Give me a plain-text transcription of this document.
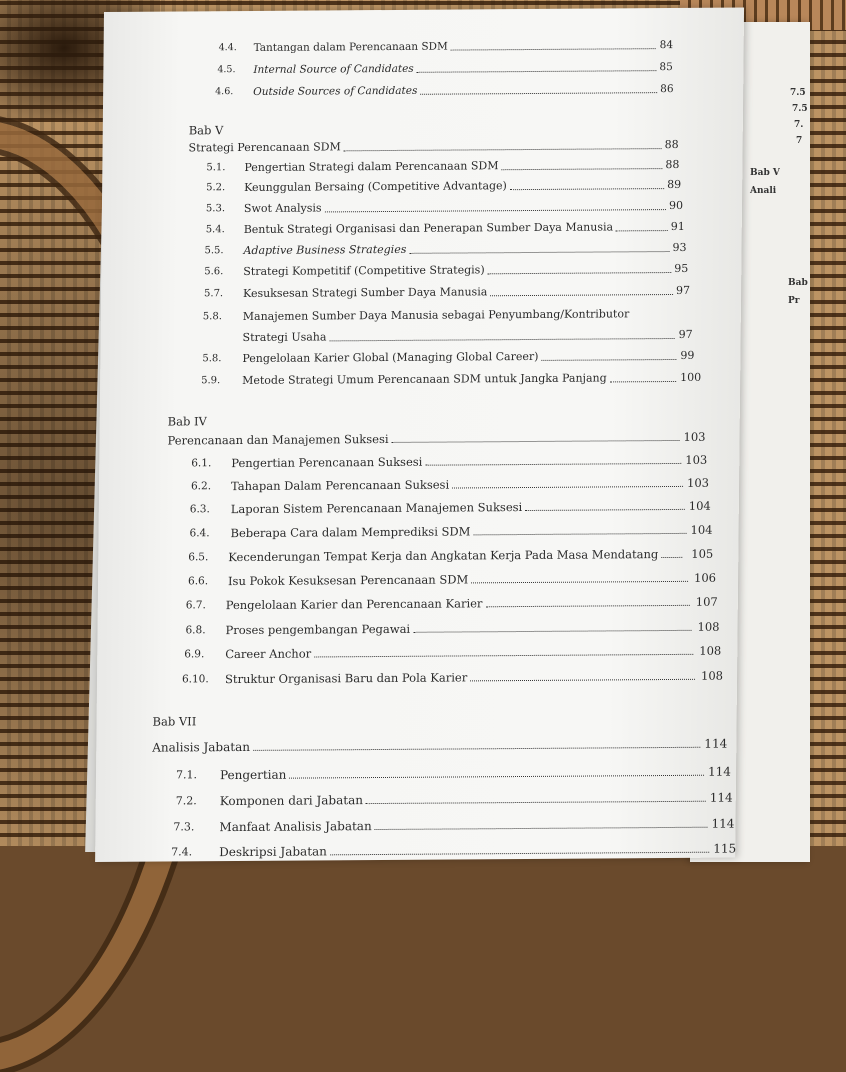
7.5
7.5
7.
7
Bab V
Anali
Bab
Pr
4.4. Tantangan dalam Perencanaan SDM	84
4.5. Internal Source of Candidates	85
4.6. Outside Sources of Candidates	86
Bab V
Strategi Perencanaan SDM	88
5.1. Pengertian Strategi dalam Perencanaan SDM	88
5.2. Keunggulan Bersaing (Competitive Advantage)	89
5.3. Swot Analysis	90
5.4. Bentuk Strategi Organisasi dan Penerapan Sumber Daya Manusia	91
5.5. Adaptive Business Strategies	93
5.6. Strategi Kompetitif (Competitive Strategis)	95
5.7. Kesuksesan Strategi Sumber Daya Manusia	97
5.8. Manajemen Sumber Daya Manusia sebagai Penyumbang/Kontributor
Strategi Usaha	97
5.8. Pengelolaan Karier Global (Managing Global Career)	99
5.9. Metode Strategi Umum Perencanaan SDM untuk Jangka Panjang	100
Bab IV
Perencanaan dan Manajemen Suksesi	103
6.1. Pengertian Perencanaan Suksesi	103
6.2. Tahapan Dalam Perencanaan Suksesi	103
6.3. Laporan Sistem Perencanaan Manajemen Suksesi	104
6.4. Beberapa Cara dalam Memprediksi SDM	104
6.5. Kecenderungan Tempat Kerja dan Angkatan Kerja Pada Masa Mendatang	105
6.6. Isu Pokok Kesuksesan Perencanaan SDM	106
6.7. Pengelolaan Karier dan Perencanaan Karier	107
6.8. Proses pengembangan Pegawai	108
6.9. Career Anchor	108
6.10. Struktur Organisasi Baru dan Pola Karier	108
Bab VII
Analisis Jabatan	114
7.1. Pengertian	114
7.2. Komponen dari Jabatan	114
7.3. Manfaat Analisis Jabatan	114
7.4. Deskripsi Jabatan	115
